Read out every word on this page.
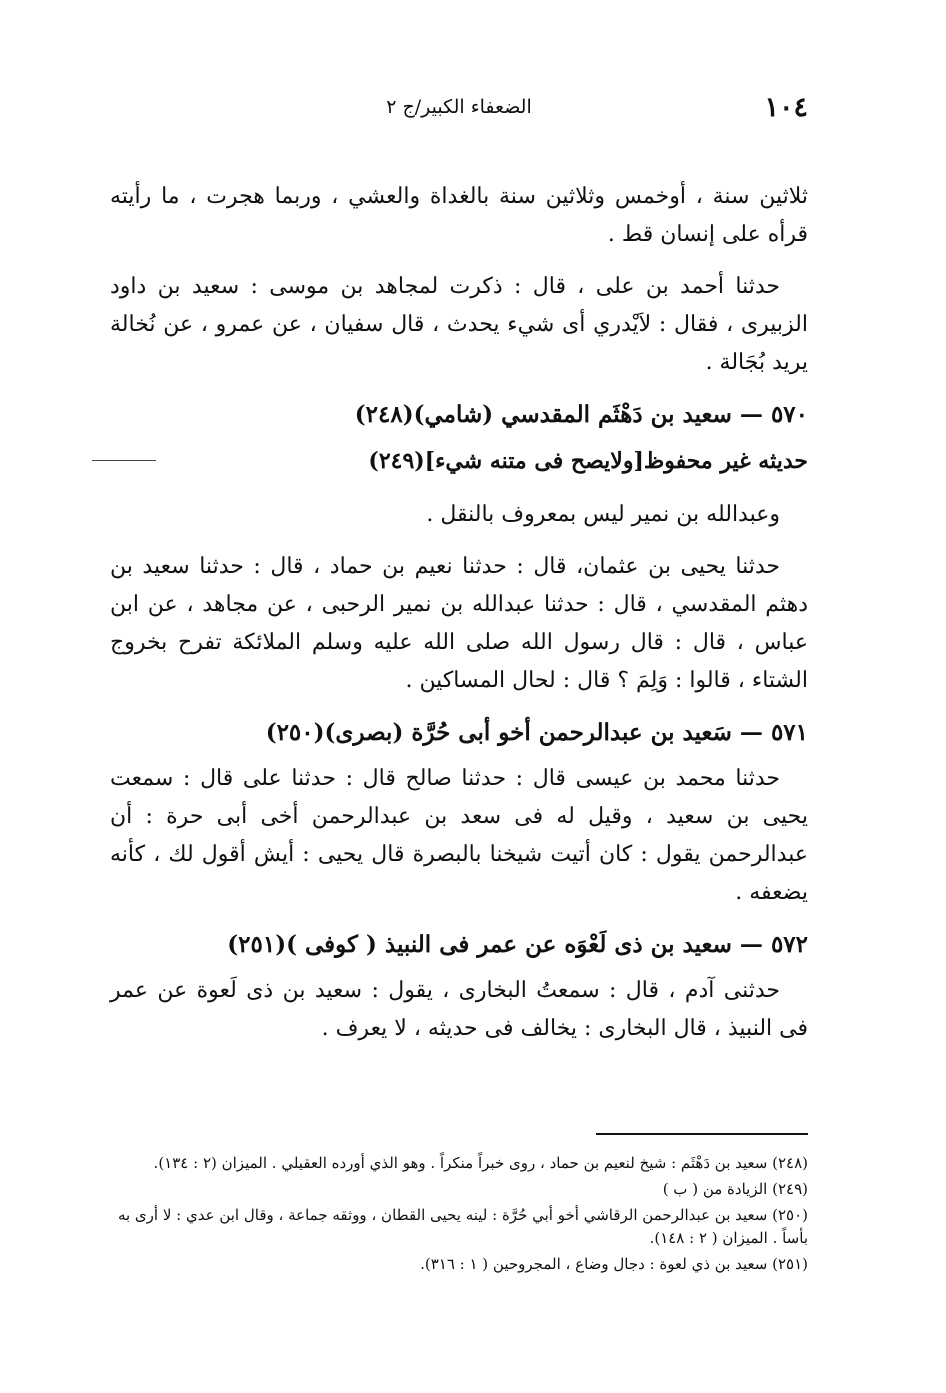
١٠٤
الضعفاء الكبير/ج ٢

ثلاثين سنة ، أوخمس وثلاثين سنة بالغداة والعشي ، وربما هجرت ، ما رأيته قرأه على إنسان قط .

حدثنا أحمد بن على ، قال : ذكرت لمجاهد بن موسى : سعيد بن داود الزبيرى ، فقال : لاَيْدري أى شيء يحدث ، قال سفيان ، عن عمرو ، عن نُخالة يريد بُجَالة .

٥٧٠ — سعيد بن دَهْثَم المقدسي (شامي)(٢٤٨)

حديثه غير محفوظ[ولايصح فى متنه شيء](٢٤٩)

وعبدالله بن نمير ليس بمعروف بالنقل .

حدثنا يحيى بن عثمان، قال : حدثنا نعيم بن حماد ، قال : حدثنا سعيد بن دهثم المقدسي ، قال : حدثنا عبدالله بن نمير الرحبى ، عن مجاهد ، عن ابن عباس ، قال : قال رسول الله صلى الله عليه وسلم الملائكة تفرح بخروج الشتاء ، قالوا : وَلِمَ ؟ قال : لحال المساكين .

٥٧١ — سَعيد بن عبدالرحمن أخو أبى حُرَّة (بصرى)(٢٥٠)

حدثنا محمد بن عيسى قال : حدثنا صالح قال : حدثنا على قال : سمعت يحيى بن سعيد ، وقيل له فى سعد بن عبدالرحمن أخى أبى حرة : أن عبدالرحمن يقول : كان أتيت شيخنا بالبصرة قال يحيى : أيش أقول لك ، كأنه يضعفه .

٥٧٢ — سعيد بن ذى لَعْوَه عن عمر فى النبيذ ( كوفى )(٢٥١)

حدثنى آدم ، قال : سمعتُ البخارى ، يقول : سعيد بن ذى لَعوة عن عمر فى النبيذ ، قال البخارى : يخالف فى حديثه ، لا يعرف .

(٢٤٨) سعيد بن دَهْثَم : شيخ لنعيم بن حماد ، روى خبراً منكراً . وهو الذي أورده العقيلي . الميزان (٢ : ١٣٤).

(٢٤٩) الزيادة من ( ب )

(٢٥٠) سعيد بن عبدالرحمن الرقاشي أخو أبي حُرَّة : لينه يحيى القطان ، ووثقه جماعة ، وقال ابن عدي : لا أرى به بأساً . الميزان ( ٢ : ١٤٨).

(٢٥١) سعيد بن ذي لعوة : دجال وضاع ، المجروحين ( ١ : ٣١٦).
